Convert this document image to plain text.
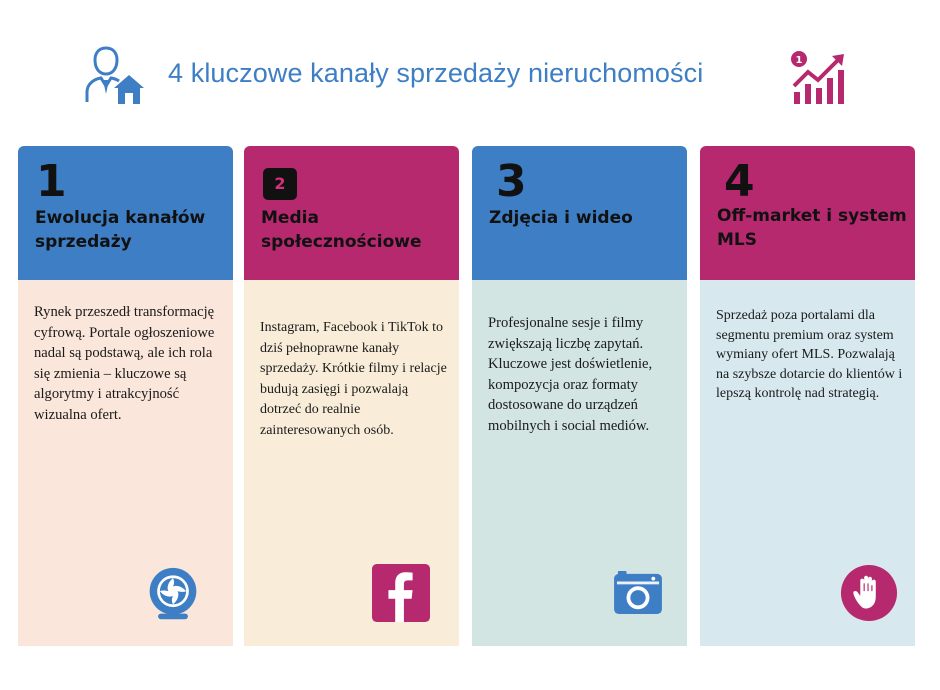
4 kluczowe kanały sprzedaży nieruchomości	1
1
Ewolucja kanałów sprzedaży
Rynek przeszedł transformację cyfrową. Portale ogłoszeniowe nadal są podstawą, ale ich rola się zmienia – kluczowe są algorytmy i atrakcyjność wizualna ofert.
2
Media społecznościowe
Instagram, Facebook i TikTok to dziś pełnoprawne kanały sprzedaży. Krótkie filmy i relacje budują zasięgi i pozwalają dotrzeć do realnie zainteresowanych osób.
3
Zdjęcia i wideo
Profesjonalne sesje i filmy zwiększają liczbę zapytań. Kluczowe jest doświetlenie, kompozycja oraz formaty dostosowane do urządzeń mobilnych i social mediów.
4
Off-market i system MLS
Sprzedaż poza portalami dla segmentu premium oraz system wymiany ofert MLS. Pozwalają na szybsze dotarcie do klientów i lepszą kontrolę nad strategią.
